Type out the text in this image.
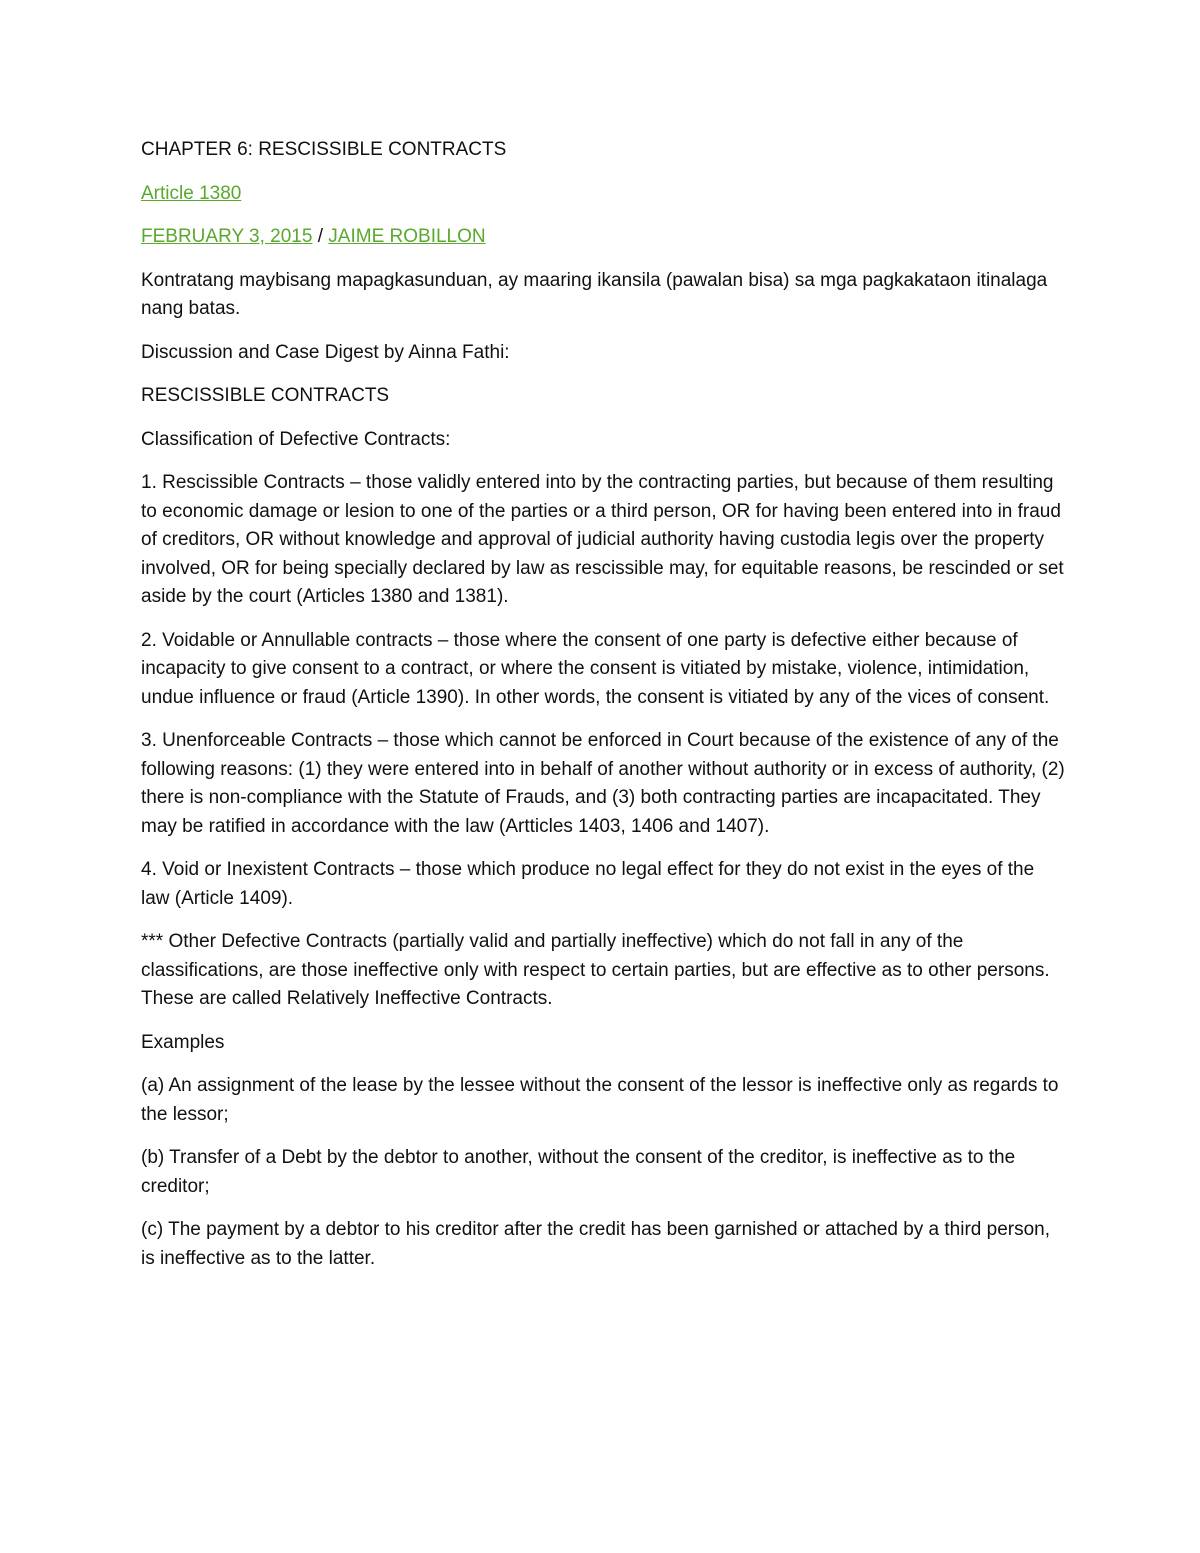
CHAPTER 6: RESCISSIBLE CONTRACTS

Article 1380

FEBRUARY 3, 2015 / JAIME ROBILLON

Kontratang maybisang mapagkasunduan, ay maaring ikansila (pawalan bisa) sa mga pagkakataon itinalaga nang batas.

Discussion and Case Digest by Ainna Fathi:

RESCISSIBLE CONTRACTS

Classification of Defective Contracts:

1. Rescissible Contracts – those validly entered into by the contracting parties, but because of them resulting to economic damage or lesion to one of the parties or a third person, OR for having been entered into in fraud of creditors, OR without knowledge and approval of judicial authority having custodia legis over the property involved, OR for being specially declared by law as rescissible may, for equitable reasons, be rescinded or set aside by the court (Articles 1380 and 1381).

2. Voidable or Annullable contracts – those where the consent of one party is defective either because of incapacity to give consent to a contract, or where the consent is vitiated by mistake, violence, intimidation, undue influence or fraud (Article 1390). In other words, the consent is vitiated by any of the vices of consent.

3. Unenforceable Contracts – those which cannot be enforced in Court because of the existence of any of the following reasons: (1) they were entered into in behalf of another without authority or in excess of authority, (2) there is non-compliance with the Statute of Frauds, and (3) both contracting parties are incapacitated. They may be ratified in accordance with the law (Artticles 1403, 1406 and 1407).

4. Void or Inexistent Contracts – those which produce no legal effect for they do not exist in the eyes of the law (Article 1409).

*** Other Defective Contracts (partially valid and partially ineffective) which do not fall in any of the classifications, are those ineffective only with respect to certain parties, but are effective as to other persons. These are called Relatively Ineffective Contracts.

Examples

(a) An assignment of the lease by the lessee without the consent of the lessor is ineffective only as regards to the lessor;

(b) Transfer of a Debt by the debtor to another, without the consent of the creditor, is ineffective as to the creditor;

(c) The payment by a debtor to his creditor after the credit has been garnished or attached by a third person, is ineffective as to the latter.
